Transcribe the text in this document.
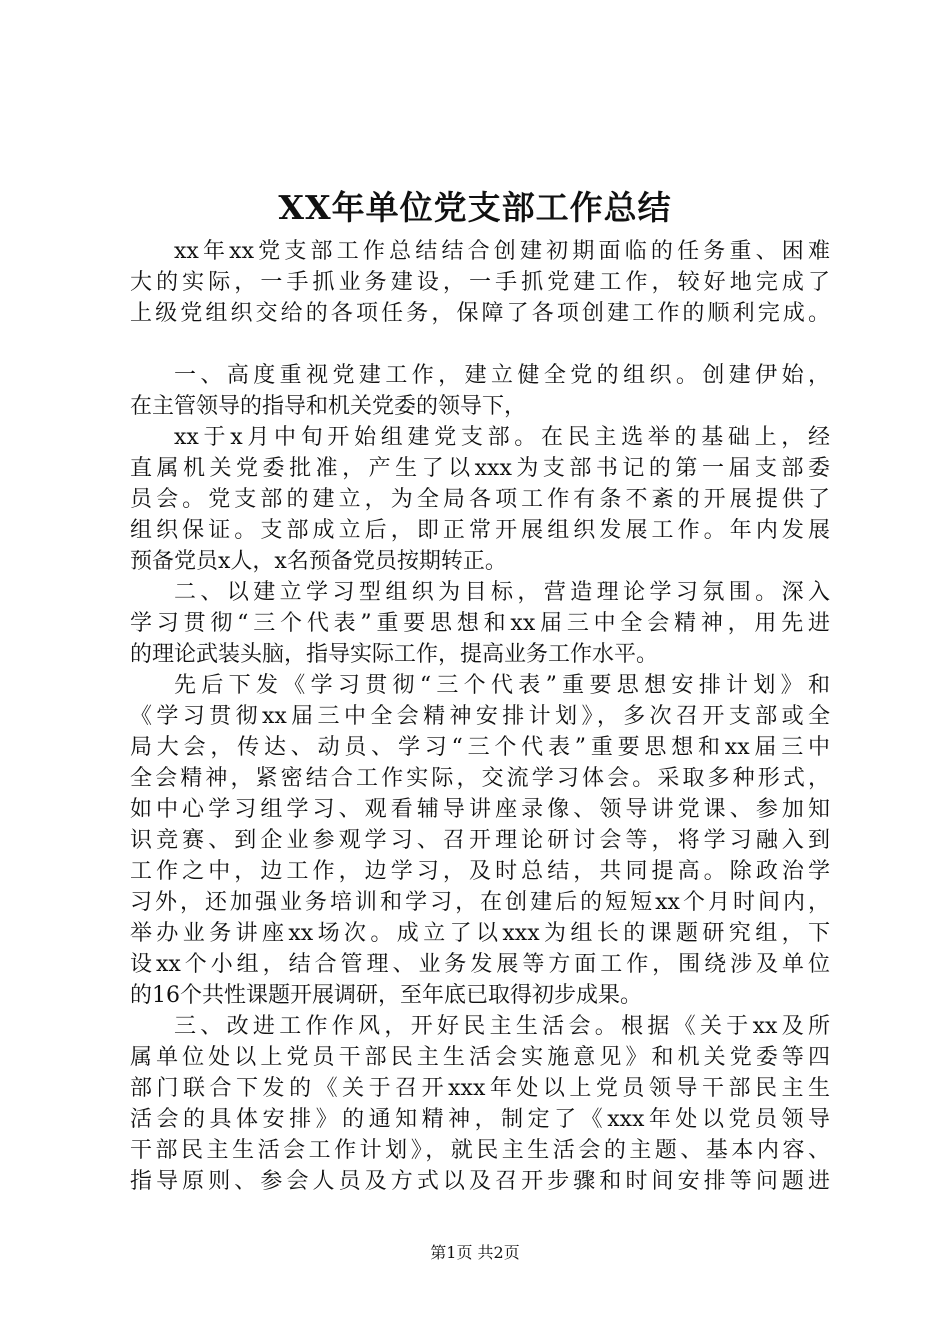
XX年单位党支部工作总结
xx年xx党支部工作总结结合创建初期面临的任务重、困难
大的实际，一手抓业务建设，一手抓党建工作，较好地完成了
上级党组织交给的各项任务，保障了各项创建工作的顺利完成。
一、高度重视党建工作，建立健全党的组织。创建伊始，
在主管领导的指导和机关党委的领导下，
xx于x月中旬开始组建党支部。在民主选举的基础上，经
直属机关党委批准，产生了以xxx为支部书记的第一届支部委
员会。党支部的建立，为全局各项工作有条不紊的开展提供了
组织保证。支部成立后，即正常开展组织发展工作。年内发展
预备党员x人，x名预备党员按期转正。
二、以建立学习型组织为目标，营造理论学习氛围。深入
学习贯彻“三个代表”重要思想和xx届三中全会精神，用先进
的理论武装头脑，指导实际工作，提高业务工作水平。
先后下发《学习贯彻“三个代表”重要思想安排计划》和
《学习贯彻xx届三中全会精神安排计划》，多次召开支部或全
局大会，传达、动员、学习“三个代表”重要思想和xx届三中
全会精神，紧密结合工作实际，交流学习体会。采取多种形式，
如中心学习组学习、观看辅导讲座录像、领导讲党课、参加知
识竞赛、到企业参观学习、召开理论研讨会等，将学习融入到
工作之中，边工作，边学习，及时总结，共同提高。除政治学
习外，还加强业务培训和学习，在创建后的短短xx个月时间内，
举办业务讲座xx场次。成立了以xxx为组长的课题研究组，下
设xx个小组，结合管理、业务发展等方面工作，围绕涉及单位
的16个共性课题开展调研，至年底已取得初步成果。
三、改进工作作风，开好民主生活会。根据《关于xx及所
属单位处以上党员干部民主生活会实施意见》和机关党委等四
部门联合下发的《关于召开xxx年处以上党员领导干部民主生
活会的具体安排》的通知精神，制定了《xxx年处以党员领导
干部民主生活会工作计划》，就民主生活会的主题、基本内容、
指导原则、参会人员及方式以及召开步骤和时间安排等问题进
第1页 共2页
